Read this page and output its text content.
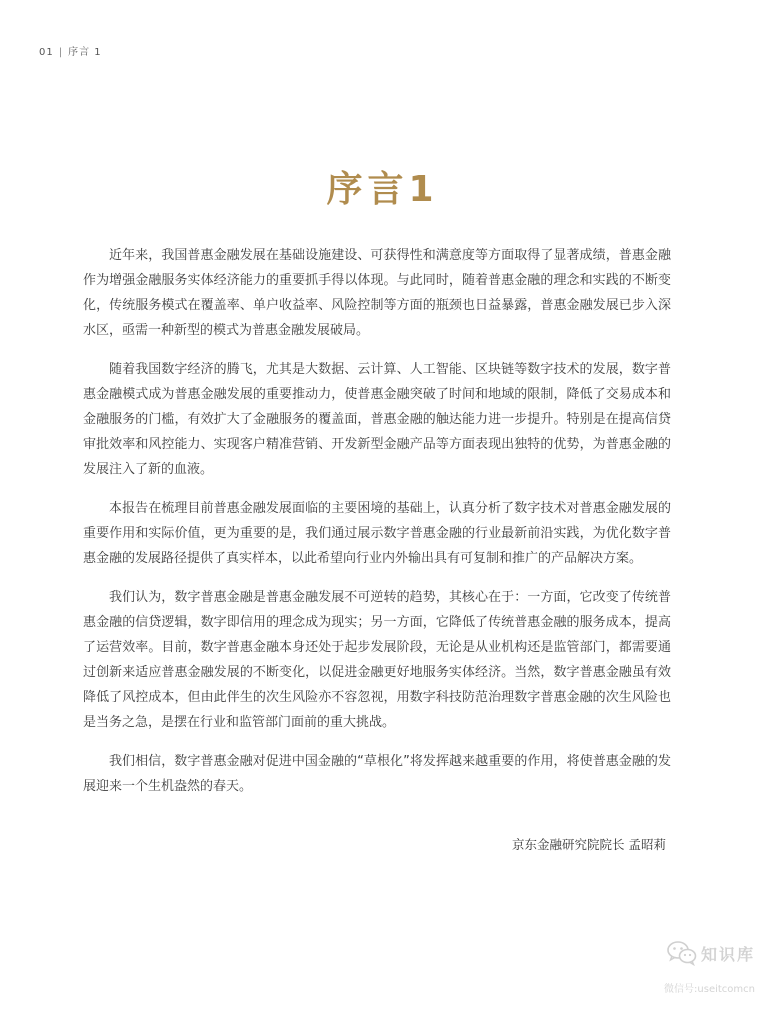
01 | 序言 1
序言1

近年来，我国普惠金融发展在基础设施建设、可获得性和满意度等方面取得了显著成绩，普惠金融作为增强金融服务实体经济能力的重要抓手得以体现。与此同时，随着普惠金融的理念和实践的不断变化，传统服务模式在覆盖率、单户收益率、风险控制等方面的瓶颈也日益暴露，普惠金融发展已步入深水区，亟需一种新型的模式为普惠金融发展破局。

随着我国数字经济的腾飞，尤其是大数据、云计算、人工智能、区块链等数字技术的发展，数字普惠金融模式成为普惠金融发展的重要推动力，使普惠金融突破了时间和地域的限制，降低了交易成本和金融服务的门槛，有效扩大了金融服务的覆盖面，普惠金融的触达能力进一步提升。特别是在提高信贷审批效率和风控能力、实现客户精准营销、开发新型金融产品等方面表现出独特的优势，为普惠金融的发展注入了新的血液。

本报告在梳理目前普惠金融发展面临的主要困境的基础上，认真分析了数字技术对普惠金融发展的重要作用和实际价值，更为重要的是，我们通过展示数字普惠金融的行业最新前沿实践，为优化数字普惠金融的发展路径提供了真实样本，以此希望向行业内外输出具有可复制和推广的产品解决方案。

我们认为，数字普惠金融是普惠金融发展不可逆转的趋势，其核心在于：一方面，它改变了传统普惠金融的信贷逻辑，数字即信用的理念成为现实；另一方面，它降低了传统普惠金融的服务成本，提高了运营效率。目前，数字普惠金融本身还处于起步发展阶段，无论是从业机构还是监管部门，都需要通过创新来适应普惠金融发展的不断变化，以促进金融更好地服务实体经济。当然，数字普惠金融虽有效降低了风控成本，但由此伴生的次生风险亦不容忽视，用数字科技防范治理数字普惠金融的次生风险也是当务之急，是摆在行业和监管部门面前的重大挑战。

我们相信，数字普惠金融对促进中国金融的“草根化”将发挥越来越重要的作用，将使普惠金融的发展迎来一个生机盎然的春天。

京东金融研究院院长 孟昭莉
知识库
微信号:useitcomcn
